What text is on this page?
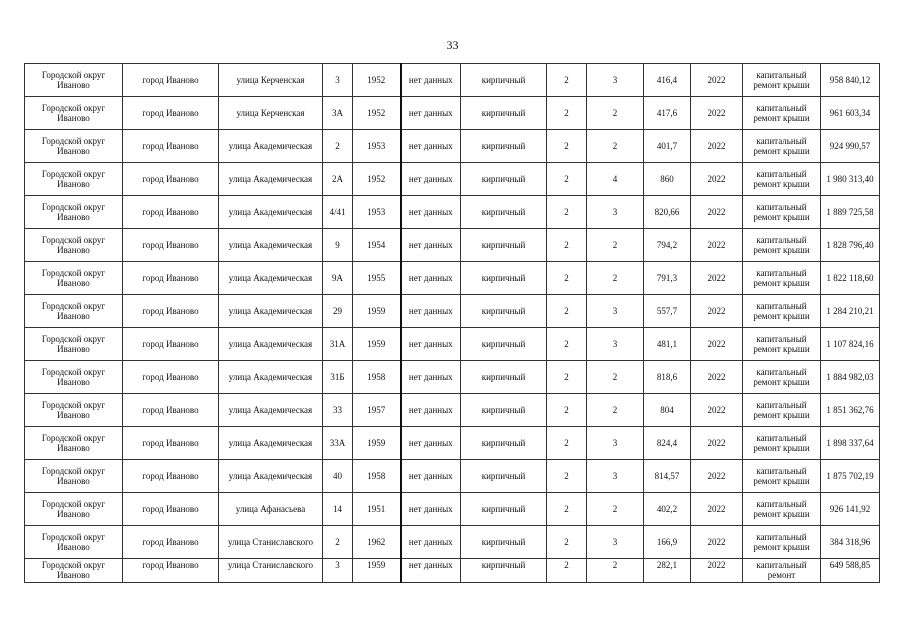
33
Городской округ Иваново	город Иваново	улица Керченская	3	1952	нет данных	кирпичный	2	3	416,4	2022	капитальный ремонт крыши	958 840,12
Городской округ Иваново	город Иваново	улица Керченская	3А	1952	нет данных	кирпичный	2	2	417,6	2022	капитальный ремонт крыши	961 603,34
Городской округ Иваново	город Иваново	улица Академическая	2	1953	нет данных	кирпичный	2	2	401,7	2022	капитальный ремонт крыши	924 990,57
Городской округ Иваново	город Иваново	улица Академическая	2А	1952	нет данных	кирпичный	2	4	860	2022	капитальный ремонт крыши	1 980 313,40
Городской округ Иваново	город Иваново	улица Академическая	4/41	1953	нет данных	кирпичный	2	3	820,66	2022	капитальный ремонт крыши	1 889 725,58
Городской округ Иваново	город Иваново	улица Академическая	9	1954	нет данных	кирпичный	2	2	794,2	2022	капитальный ремонт крыши	1 828 796,40
Городской округ Иваново	город Иваново	улица Академическая	9А	1955	нет данных	кирпичный	2	2	791,3	2022	капитальный ремонт крыши	1 822 118,60
Городской округ Иваново	город Иваново	улица Академическая	29	1959	нет данных	кирпичный	2	3	557,7	2022	капитальный ремонт крыши	1 284 210,21
Городской округ Иваново	город Иваново	улица Академическая	31А	1959	нет данных	кирпичный	2	3	481,1	2022	капитальный ремонт крыши	1 107 824,16
Городской округ Иваново	город Иваново	улица Академическая	31Б	1958	нет данных	кирпичный	2	2	818,6	2022	капитальный ремонт крыши	1 884 982,03
Городской округ Иваново	город Иваново	улица Академическая	33	1957	нет данных	кирпичный	2	2	804	2022	капитальный ремонт крыши	1 851 362,76
Городской округ Иваново	город Иваново	улица Академическая	33А	1959	нет данных	кирпичный	2	3	824,4	2022	капитальный ремонт крыши	1 898 337,64
Городской округ Иваново	город Иваново	улица Академическая	40	1958	нет данных	кирпичный	2	3	814,57	2022	капитальный ремонт крыши	1 875 702,19
Городской округ Иваново	город Иваново	улица Афанасьева	14	1951	нет данных	кирпичный	2	2	402,2	2022	капитальный ремонт крыши	926 141,92
Городской округ Иваново	город Иваново	улица Станиславского	2	1962	нет данных	кирпичный	2	3	166,9	2022	капитальный ремонт крыши	384 318,96
Городской округ Иваново	город Иваново	улица Станиславского	3	1959	нет данных	кирпичный	2	2	282,1	2022	капитальный ремонт	649 588,85
